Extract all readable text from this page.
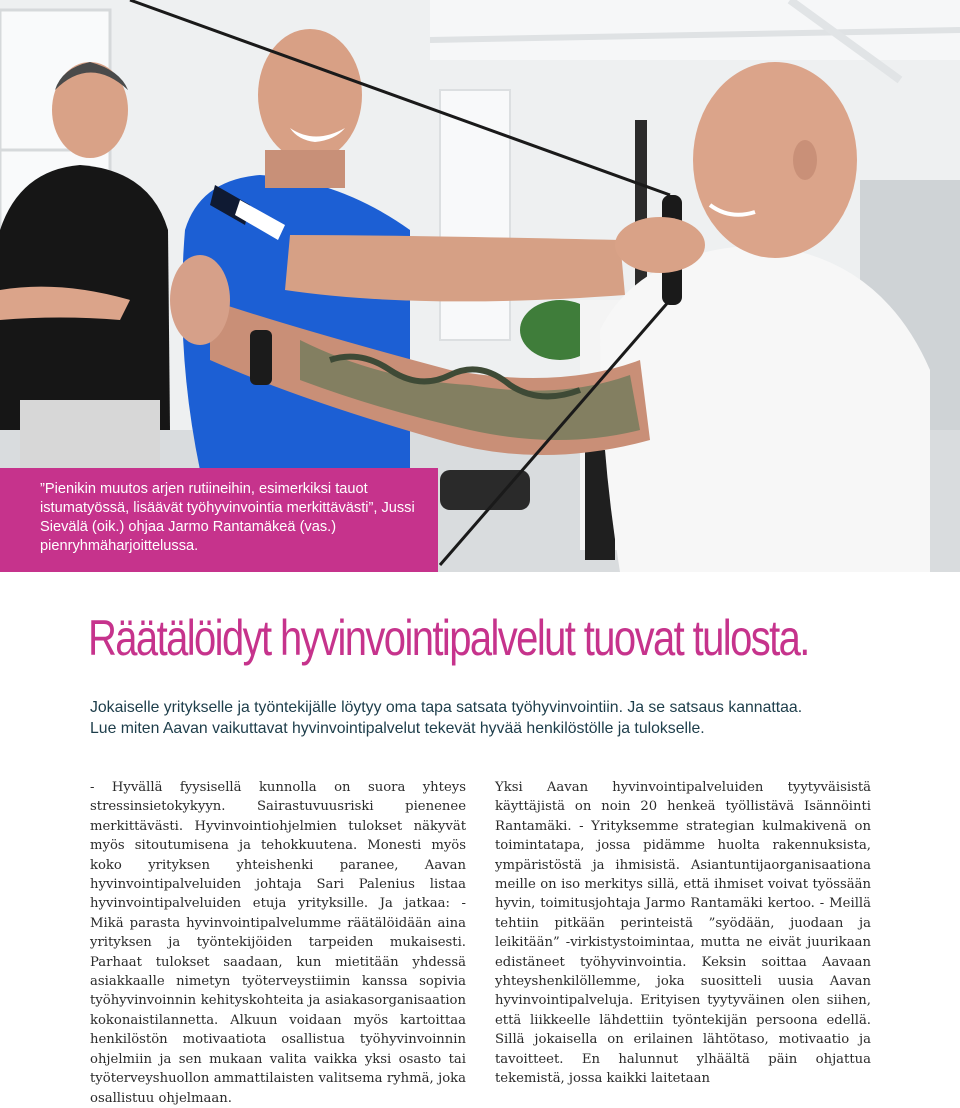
”Pienikin muutos arjen rutiineihin, esimerkiksi tauot istumatyössä, lisäävät työhyvinvointia merkittävästi”, Jussi Sievälä (oik.) ohjaa Jarmo Rantamäkeä (vas.) pienryhmäharjoittelussa.

Räätälöidyt hyvinvointipalvelut tuovat tulosta.

Jokaiselle yritykselle ja työntekijälle löytyy oma tapa satsata työhyvinvointiin. Ja se satsaus kannattaa.

Lue miten Aavan vaikuttavat hyvinvointipalvelut tekevät hyvää henkilöstölle ja tulokselle.

- Hyvällä fyysisellä kunnolla on suora yhteys stressinsietokykyyn. Sairastuvuusriski pienenee merkittävästi. Hyvinvointiohjelmien tulokset näkyvät myös sitoutumisena ja tehokkuutena. Monesti myös koko yrityksen yhteishenki paranee, Aavan hyvinvointipalveluiden johtaja Sari Palenius listaa hyvinvointipalveluiden etuja yrityksille. Ja jatkaa: - Mikä parasta hyvinvointipalvelumme räätälöidään aina yrityksen ja työntekijöiden tarpeiden mukaisesti. Parhaat tulokset saadaan, kun mietitään yhdessä asiakkaalle nimetyn työterveystiimin kanssa sopivia työhyvinvoinnin kehityskohteita ja asiakasorganisaation kokonaistilannetta. Alkuun voidaan myös kartoittaa henkilöstön motivaatiota osallistua työhyvinvoinnin ohjelmiin ja sen mukaan valita vaikka yksi osasto tai työterveyshuollon ammattilaisten valitsema ryhmä, joka osallistuu ohjelmaan.

Yksi Aavan hyvinvointipalveluiden tyytyväisistä käyttäjistä on noin 20 henkeä työllistävä Isännöinti Rantamäki. - Yrityksemme strategian kulmakivenä on toimintatapa, jossa pidämme huolta rakennuksista, ympäristöstä ja ihmisistä. Asiantuntijaorganisaationa meille on iso merkitys sillä, että ihmiset voivat työssään hyvin, toimitusjohtaja Jarmo Rantamäki kertoo. - Meillä tehtiin pitkään perinteistä ”syödään, juodaan ja leikitään” -virkistystoimintaa, mutta ne eivät juurikaan edistäneet työhyvinvointia. Keksin soittaa Aavaan yhteyshenkilöllemme, joka suositteli uusia Aavan hyvinvointipalveluja. Erityisen tyytyväinen olen siihen, että liikkeelle lähdettiin työntekijän persoona edellä. Sillä jokaisella on erilainen lähtötaso, motivaatio ja tavoitteet. En halunnut ylhäältä päin ohjattua tekemistä, jossa kaikki laitetaan
